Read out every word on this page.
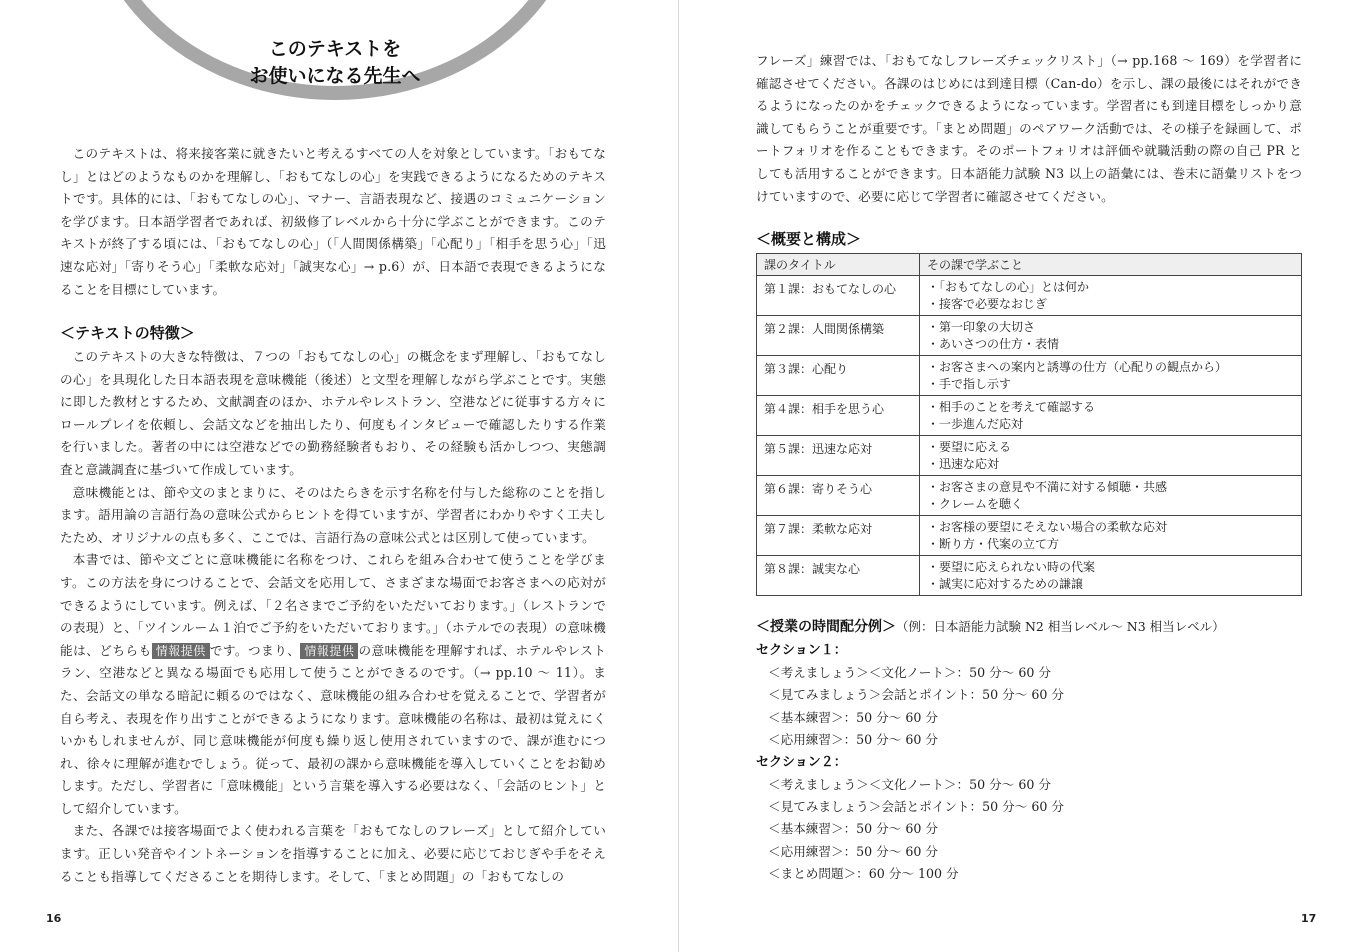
このテキストを
お使いになる先生へ

このテキストは、将来接客業に就きたいと考えるすべての人を対象としています。「おもてなし」とはどのようなものかを理解し、「おもてなしの心」を実践できるようになるためのテキストです。具体的には、「おもてなしの心」、マナー、言語表現など、接遇のコミュニケーションを学びます。日本語学習者であれば、初級修了レベルから十分に学ぶことができます。このテキストが終了する頃には、「おもてなしの心」（「人間関係構築」「心配り」「相手を思う心」「迅速な応対」「寄りそう心」「柔軟な応対」「誠実な心」→ p.6）が、日本語で表現できるようになることを目標にしています。

＜テキストの特徴＞

このテキストの大きな特徴は、７つの「おもてなしの心」の概念をまず理解し、「おもてなしの心」を具現化した日本語表現を意味機能（後述）と文型を理解しながら学ぶことです。実態に即した教材とするため、文献調査のほか、ホテルやレストラン、空港などに従事する方々にロールプレイを依頼し、会話文などを抽出したり、何度もインタビューで確認したりする作業を行いました。著者の中には空港などでの勤務経験者もおり、その経験も活かしつつ、実態調査と意識調査に基づいて作成しています。

意味機能とは、節や文のまとまりに、そのはたらきを示す名称を付与した総称のことを指します。語用論の言語行為の意味公式からヒントを得ていますが、学習者にわかりやすく工夫したため、オリジナルの点も多く、ここでは、言語行為の意味公式とは区別して使っています。

本書では、節や文ごとに意味機能に名称をつけ、これらを組み合わせて使うことを学びます。この方法を身につけることで、会話文を応用して、さまざまな場面でお客さまへの応対ができるようにしています。例えば、「２名さまでご予約をいただいております。」（レストランでの表現）と、「ツインルーム１泊でご予約をいただいております。」（ホテルでの表現）の意味機能は、どちらも 情報提供 です。つまり、 情報提供 の意味機能を理解すれば、ホテルやレストラン、空港などと異なる場面でも応用して使うことができるのです。（→ pp.10 ～ 11）。また、会話文の単なる暗記に頼るのではなく、意味機能の組み合わせを覚えることで、学習者が自ら考え、表現を作り出すことができるようになります。意味機能の名称は、最初は覚えにくいかもしれませんが、同じ意味機能が何度も繰り返し使用されていますので、課が進むにつれ、徐々に理解が進むでしょう。従って、最初の課から意味機能を導入していくことをお勧めします。ただし、学習者に「意味機能」という言葉を導入する必要はなく、「会話のヒント」として紹介しています。

また、各課では接客場面でよく使われる言葉を「おもてなしのフレーズ」として紹介しています。正しい発音やイントネーションを指導することに加え、必要に応じておじぎや手をそえることも指導してくださることを期待します。そして、「まとめ問題」の「おもてなしの

16

フレーズ」練習では、「おもてなしフレーズチェックリスト」（→ pp.168 ～ 169）を学習者に確認させてください。各課のはじめには到達目標（Can-do）を示し、課の最後にはそれができるようになったのかをチェックできるようになっています。学習者にも到達目標をしっかり意識してもらうことが重要です。「まとめ問題」のペアワーク活動では、その様子を録画して、ポートフォリオを作ることもできます。そのポートフォリオは評価や就職活動の際の自己 PR としても活用することができます。日本語能力試験 N3 以上の語彙には、巻末に語彙リストをつけていますので、必要に応じて学習者に確認させてください。

＜概要と構成＞
課のタイトル	その課で学ぶこと
第１課：おもてなしの心	・「おもてなしの心」とは何か
・接客で必要なおじぎ

第２課：人間関係構築	・第一印象の大切さ
・あいさつの仕方・表情

第３課：心配り	・お客さまへの案内と誘導の仕方（心配りの観点から）
・手で指し示す

第４課：相手を思う心	・相手のことを考えて確認する
・一歩進んだ応対

第５課：迅速な応対	・要望に応える
・迅速な応対

第６課：寄りそう心	・お客さまの意見や不満に対する傾聴・共感
・クレームを聴く

第７課：柔軟な応対	・お客様の要望にそえない場合の柔軟な応対
・断り方・代案の立て方

第８課：誠実な心	・要望に応えられない時の代案
・誠実に応対するための謙譲
＜授業の時間配分例＞（例：日本語能力試験 N2 相当レベル～ N3 相当レベル）
セクション１：
＜考えましょう＞＜文化ノート＞：50 分～ 60 分
＜見てみましょう＞会話とポイント：50 分～ 60 分
＜基本練習＞：50 分～ 60 分
＜応用練習＞：50 分～ 60 分
セクション２：
＜考えましょう＞＜文化ノート＞：50 分～ 60 分
＜見てみましょう＞会話とポイント：50 分～ 60 分
＜基本練習＞：50 分～ 60 分
＜応用練習＞：50 分～ 60 分
＜まとめ問題＞：60 分～ 100 分
17
